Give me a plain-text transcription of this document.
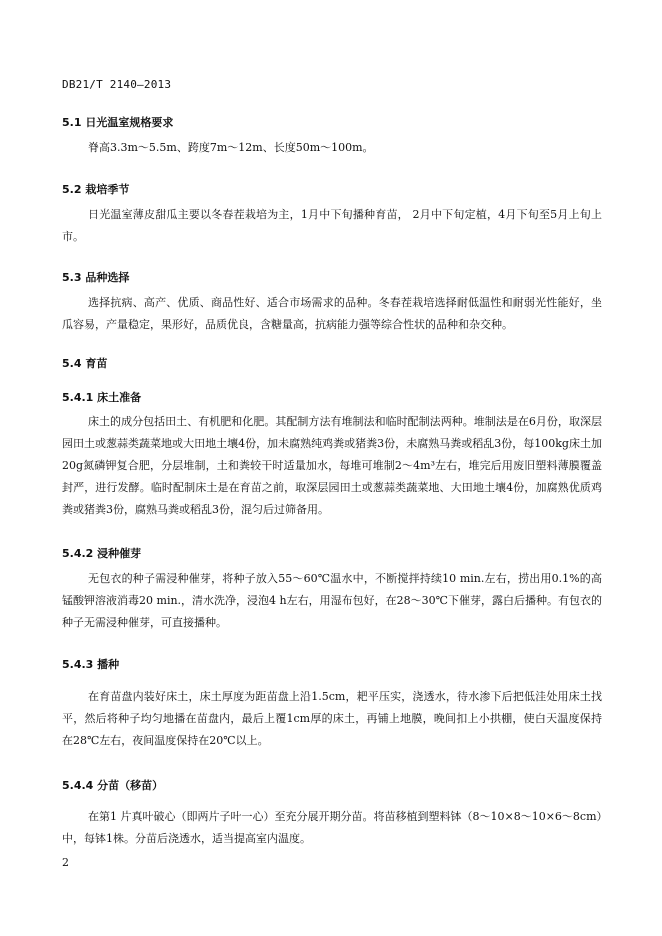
DB21/T 2140—2013
5.1 日光温室规格要求
脊高3.3m～5.5m、跨度7m～12m、长度50m～100m。
5.2 栽培季节
日光温室薄皮甜瓜主要以冬春茬栽培为主，1月中下旬播种育苗， 2月中下旬定植，4月下旬至5月上旬上市。
5.3 品种选择
选择抗病、高产、优质、商品性好、适合市场需求的品种。冬春茬栽培选择耐低温性和耐弱光性能好，坐瓜容易，产量稳定，果形好，品质优良，含糖量高，抗病能力强等综合性状的品种和杂交种。
5.4 育苗
5.4.1 床土准备
床土的成分包括田土、有机肥和化肥。其配制方法有堆制法和临时配制法两种。堆制法是在6月份，取深层园田土或葱蒜类蔬菜地或大田地土壤4份，加未腐熟纯鸡粪或猪粪3份，未腐熟马粪或稻乱3份，每100kg床土加20g氮磷钾复合肥，分层堆制，土和粪较干时适量加水，每堆可堆制2～4m³左右，堆完后用废旧塑料薄膜覆盖封严，进行发酵。临时配制床土是在育苗之前，取深层园田土或葱蒜类蔬菜地、大田地土壤4份，加腐熟优质鸡粪或猪粪3份，腐熟马粪或稻乱3份，混匀后过筛备用。
5.4.2 浸种催芽
无包衣的种子需浸种催芽，将种子放入55～60℃温水中，不断搅拌持续10 min.左右，捞出用0.1%的高锰酸钾溶液消毒20 min.，清水洗净，浸泡4 h左右，用湿布包好，在28～30℃下催芽，露白后播种。有包衣的种子无需浸种催芽，可直接播种。
5.4.3 播种
在育苗盘内装好床土，床土厚度为距苗盘上沿1.5cm，耙平压实，浇透水，待水渗下后把低洼处用床土找平，然后将种子均匀地播在苗盘内，最后上覆1cm厚的床土，再铺上地膜，晚间扣上小拱棚，使白天温度保持在28℃左右，夜间温度保持在20℃以上。
5.4.4 分苗（移苗）
在第1 片真叶破心（即两片子叶一心）至充分展开期分苗。将苗移植到塑料钵（8～10×8～10×6～8cm）中，每钵1株。分苗后浇透水，适当提高室内温度。
2
